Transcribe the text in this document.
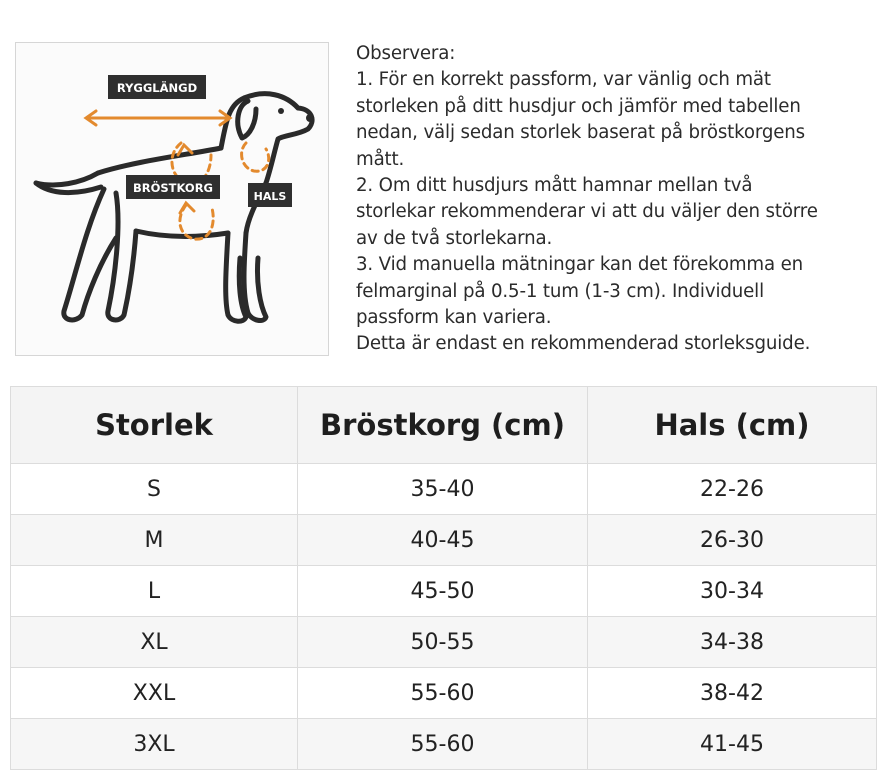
RYGGLÄNGD
BRÖSTKORG
HALS
Observera:
1. För en korrekt passform, var vänlig och mät
storleken på ditt husdjur och jämför med tabellen
nedan, välj sedan storlek baserat på bröstkorgens
mått.
2. Om ditt husdjurs mått hamnar mellan två
storlekar rekommenderar vi att du väljer den större
av de två storlekarna.
3. Vid manuella mätningar kan det förekomma en
felmarginal på 0.5-1 tum (1-3 cm). Individuell
passform kan variera.
Detta är endast en rekommenderad storleksguide.
Storlek	Bröstkorg (cm)	Hals (cm)
S	35-40	22-26
M	40-45	26-30
L	45-50	30-34
XL	50-55	34-38
XXL	55-60	38-42
3XL	55-60	41-45
